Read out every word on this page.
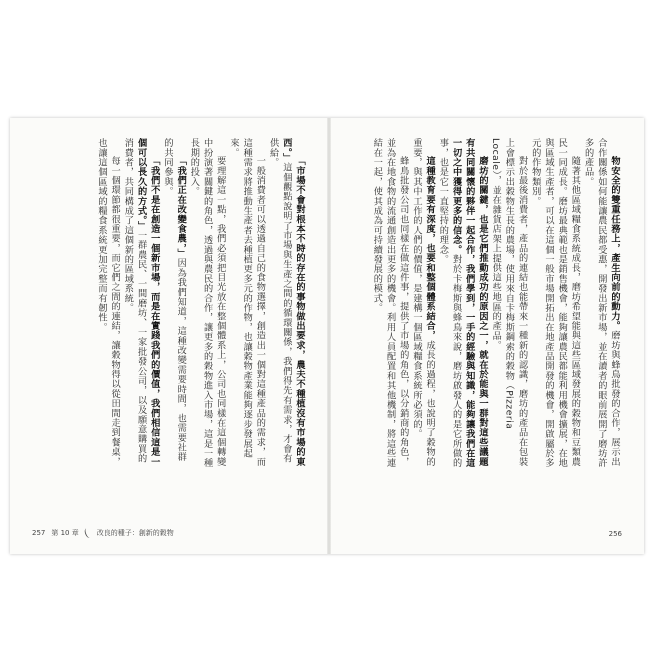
「市場不會對根本不時的存在的事物做出要求，農夫不種植沒有市場的東西。」這個觀點說明了市場與生產之間的循環關係，我們得先有需求，才會有供給。

一般消費者可以透過自己的食物選擇，創造出一個對這種產品的需求，而這種需求將推動生產者去種植更多元的作物，也讓穀物產業能夠逐步發展起來。

要理解這一點，我們必須把目光放在整個體系上，公司也同樣在這個轉變中扮演著關鍵的角色，透過與農民的合作，讓更多的穀物進入市場，這是一種長期的投入。

「我們正在改變食農，」因為我們知道，這種改變需要時間，也需要社群的共同參與。

「我們不是在創造一個新市場，而是在實踐我們的價值，我們相信這是一個可以長久的方式。」一群農民、一間磨坊、一家批發公司，以及願意購買的消費者，共同構成了這個新的區域系統。

每一個環節都很重要，而它們之間的連結，讓穀物得以從田間走到餐桌，也讓這個區域的糧食系統更加完整而有韌性。	物安全的雙重任務上，產生向前的動力。磨坊與蜂鳥批發的合作，展示出合作關係如何能讓農民都受惠，開發出新市場，並在讀者的眼前展開了磨坊許多的產品。

隨著其他區域糧食系統成長，磨坊希望能與這些區域發展的穀物和豆類農民一同成長。磨坊最典範也是銷售機會，能夠讓農民都能利用機會擴展，在地與區域生產者，可以在這個一般市場開拓出在地產品開發的機會，開啟屬於多元的作物類別。

對於最後消費者，產品的連結也能帶來一種新的認識，磨坊的產品在包裝上會標示出穀物生長的農場，使用來自卡梅斯鋼索的穀物（Pizzeria Locale），並在雜貨店架上提供這些地區的產品。

磨坊的關鍵，也是它們推動成功的原因之一，就在於能與一群對這些議題有共同關懷的夥伴一起合作，我們學到，一手的經驗與知識，能夠讓我們在這一切之中獲得更多的信念。對於卡梅斯與蜂鳥來說，磨坊啟發人的是它所做的事，也是它一直堅持的理念。

這種教育要有深度，也要和整個體系結合，成長的過程，也說明了穀物的重要，與其中工作的人們的價值，是建構一個區域糧食系統所必須的。

蜂鳥批發公司也同樣在做這件事，提供了市場的角色，以分銷商的角色，並為在地食物的流通創造出更多的機會。利用人員配置和其他機制，將這些連結在一起，使其成為可持續發展的模式。

257 第 10 章	改良的種子：創新的穀物	256
